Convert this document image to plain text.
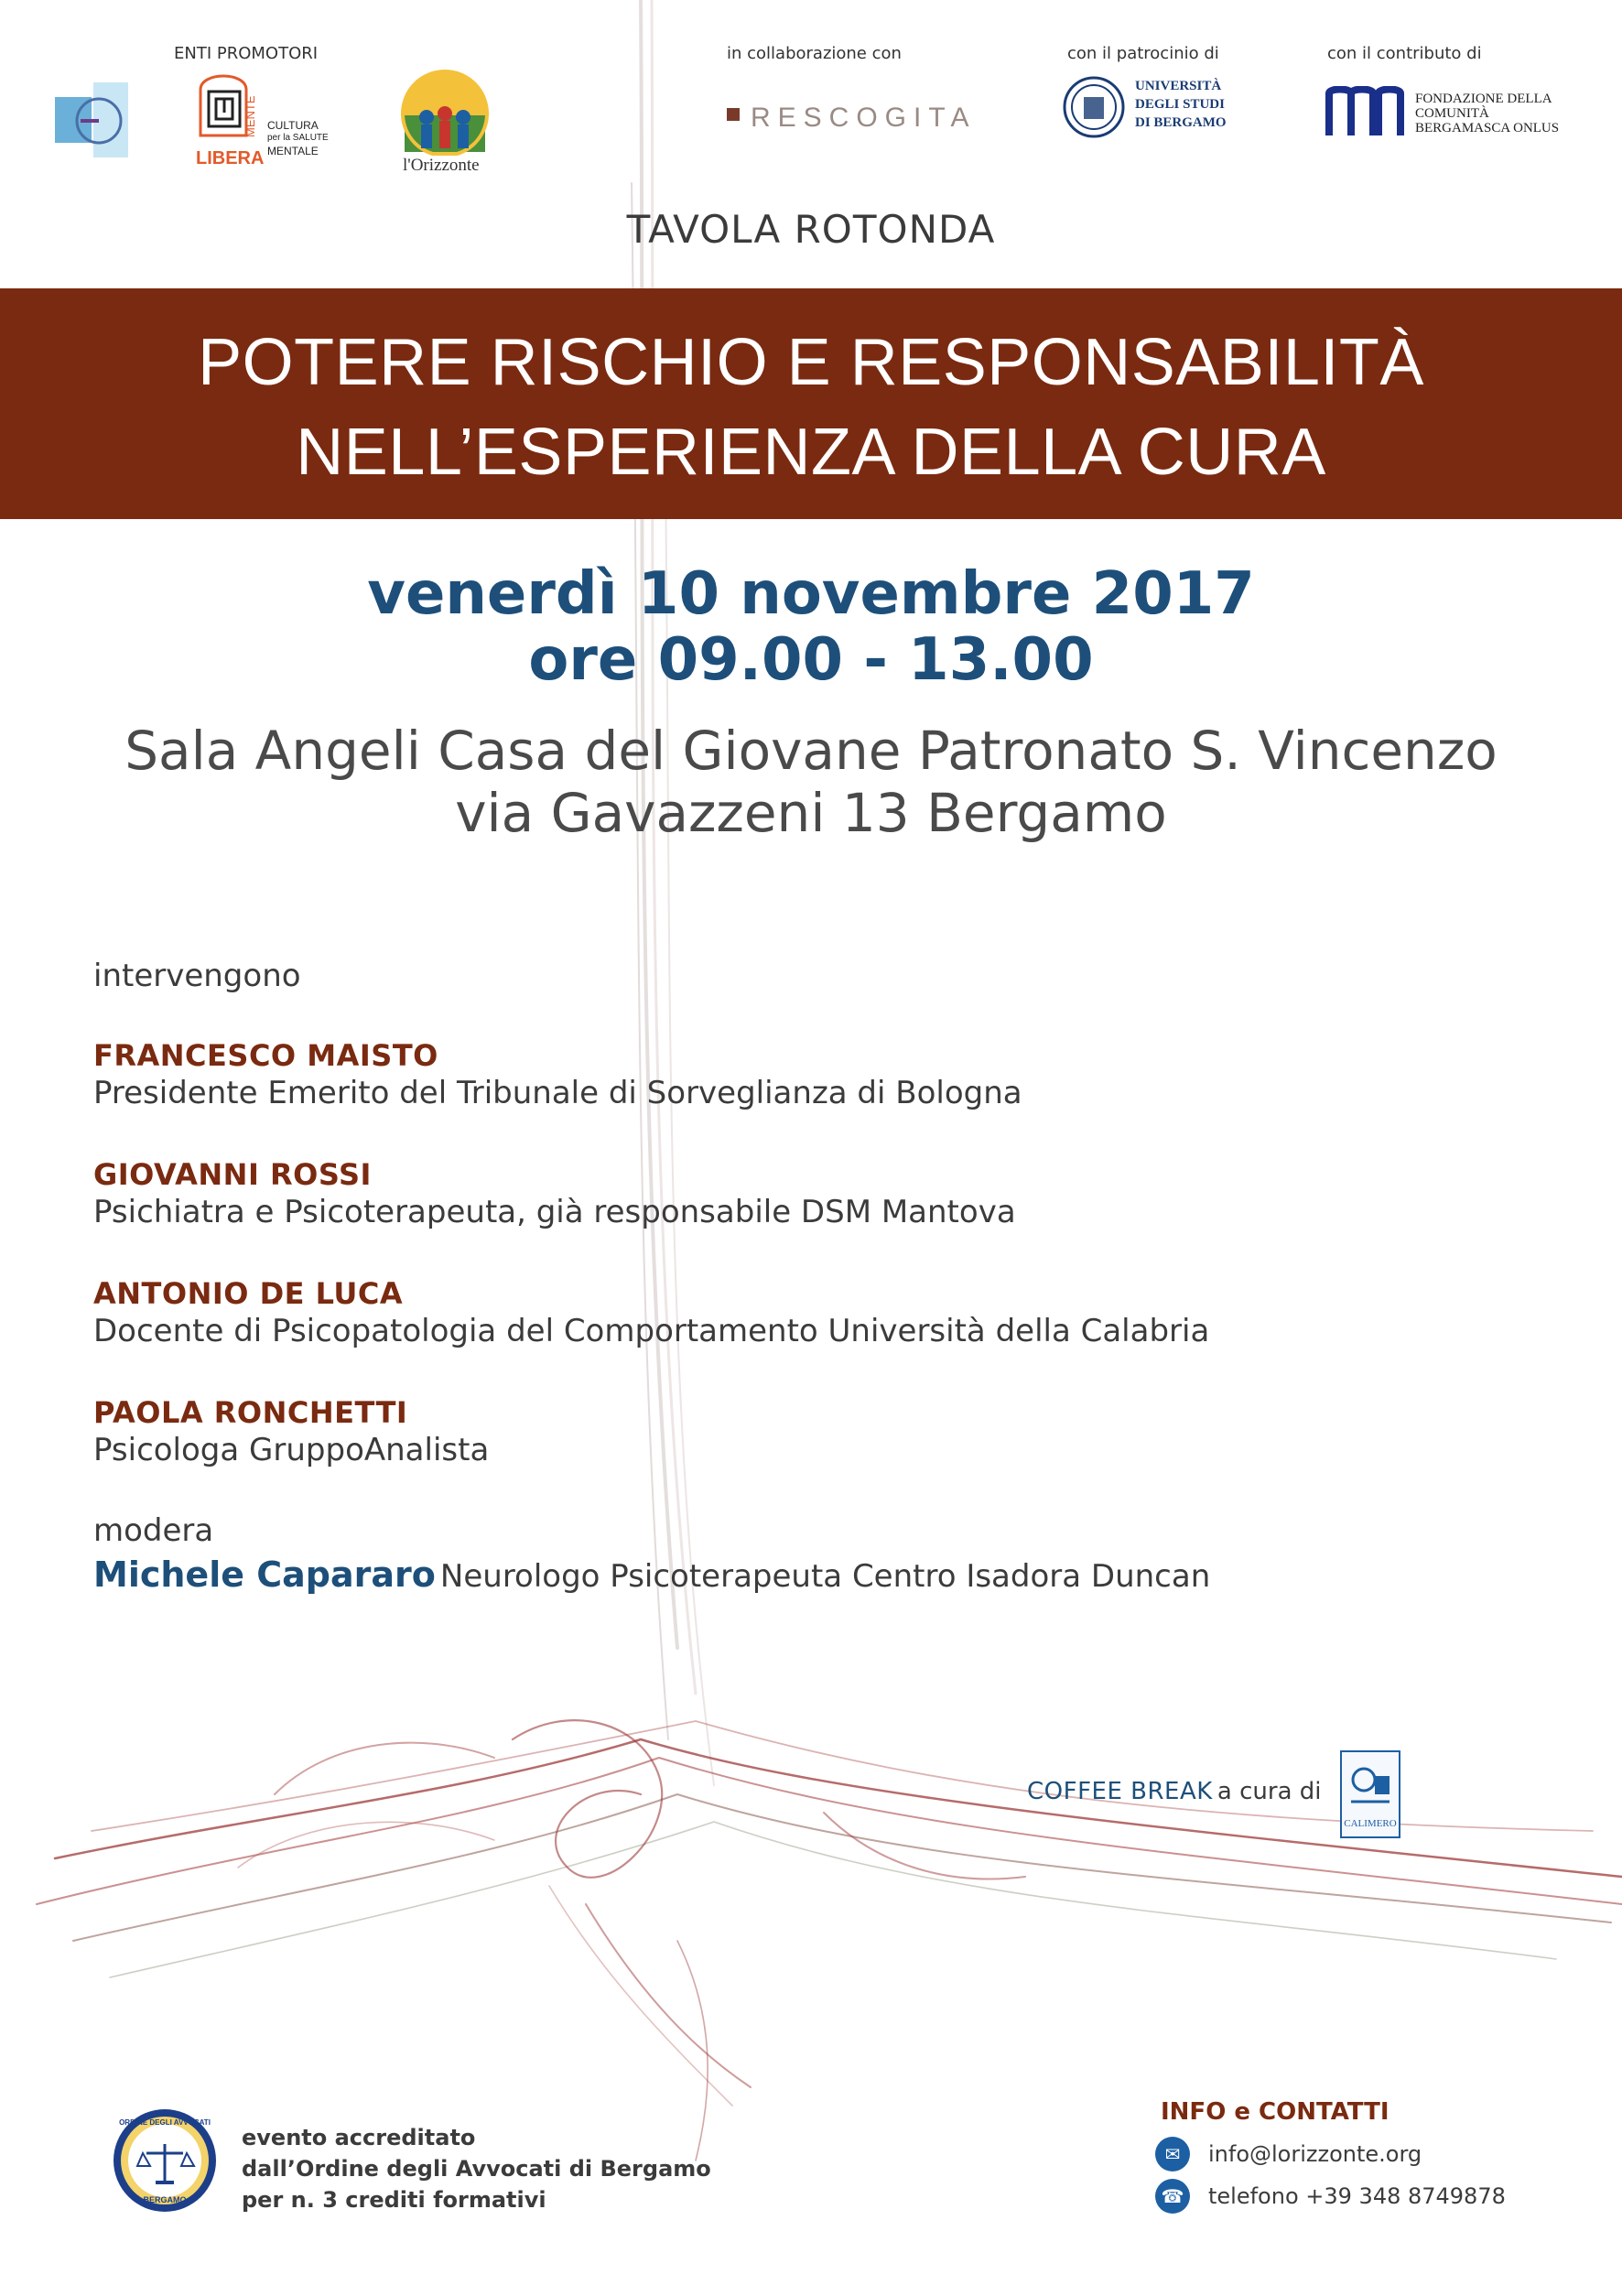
ENTI PROMOTORI	in collaborazione con	con il patrocinio di	con il contributo di
LIBERA
MENTE CULTURA
per la SALUTE
MENTALE
l'Orizzonte
RESCOGITA
UNIVERSITÀ
DEGLI STUDI
DI BERGAMO
FONDAZIONE DELLA
COMUNITÀ
BERGAMASCA ONLUS
TAVOLA ROTONDA
POTERE RISCHIO E RESPONSABILITÀ
NELL’ESPERIENZA DELLA CURA
venerdì 10 novembre 2017
ore 09.00 - 13.00
Sala Angeli Casa del Giovane Patronato S. Vincenzo
via Gavazzeni 13 Bergamo
intervengono
FRANCESCO MAISTO
Presidente Emerito del Tribunale di Sorveglianza di Bologna
GIOVANNI ROSSI
Psichiatra e Psicoterapeuta, già responsabile DSM Mantova
ANTONIO DE LUCA
Docente di Psicopatologia del Comportamento Università della Calabria
PAOLA RONCHETTI
Psicologa GruppoAnalista
modera
Michele Capararo Neurologo Psicoterapeuta Centro Isadora Duncan
COFFEE BREAK a cura di
CALIMERO
ORDINE DEGLI AVVOCATI
BERGAMO
evento accreditato
dall’Ordine degli Avvocati di Bergamo
per n. 3 crediti formativi
INFO e CONTATTI
✉	info@lorizzonte.org
☎ telefono +39 348 8749878
